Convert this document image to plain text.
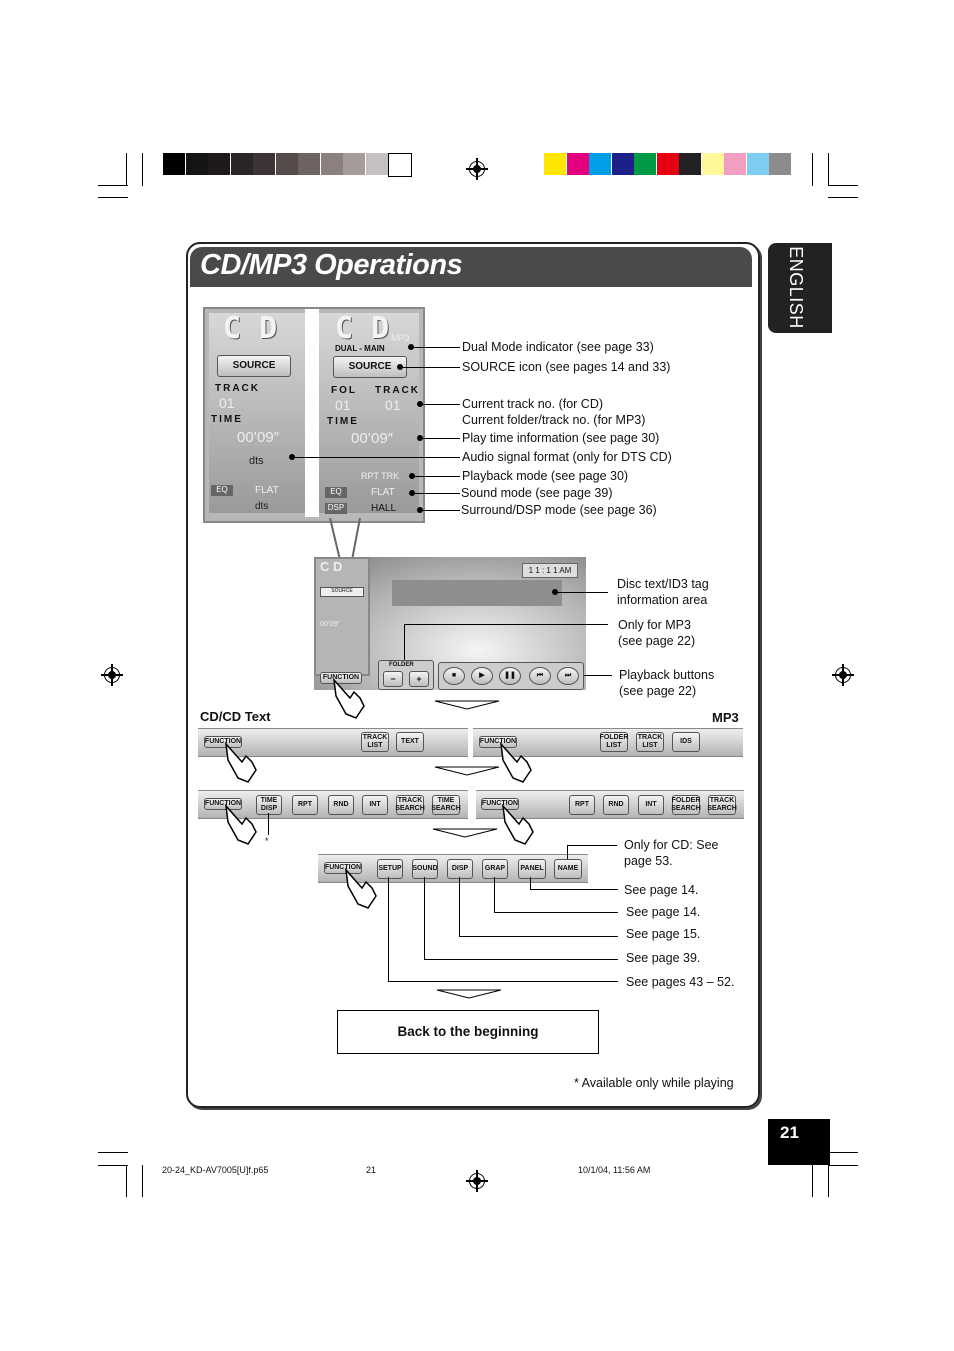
CD/MP3 Operations	ENGLISH
C D
SOURCE
TRACK
01
TIME
00’09″
dts
EQ	FLAT
dts
C D MP3
DUAL - MAIN
SOURCE
FOL TRACK
01 01
TIME
00’09″
RPT TRK
EQ	FLAT
DSP	HALL
Dual Mode indicator (see page 33)
SOURCE icon (see pages 14 and 33)
Current track no. (for CD)
Current folder/track no. (for MP3)
Play time information (see page 30)
Audio signal format (only for DTS CD)
Playback mode (see page 30)
Sound mode (see page 39)
Surround/DSP mode (see page 36)
C D
SOURCE
00’09″
1 1 : 1 1 AM
FOLDER
−	+	■	▶	❚❚	⏮	⏭
FUNCTION
Disc text/ID3 tag
information area
Only for MP3
(see page 22)
Playback buttons
(see page 22)
CD/CD Text	MP3
FUNCTION
TRACK LIST
TEXT	FUNCTION
FOLDER LIST
TRACK LIST
IDS
FUNCTION	TIME DISP
RPT	RND	INT
TRACK SEARCH
TIME SEARCH
*
FUNCTION	RPT	RND	INT
FOLDER SEARCH
TRACK SEARCH
FUNCTION SETUP SOUND	DISP	GRAP	PANEL	NAME
Only for CD: See
page 53.
See page 14.
See page 14.
See page 15.
See page 39.
See pages 43 – 52.
Back to the beginning
* Available only while playing
21
20-24_KD-AV7005[U]f.p65	21	10/1/04, 11:56 AM
